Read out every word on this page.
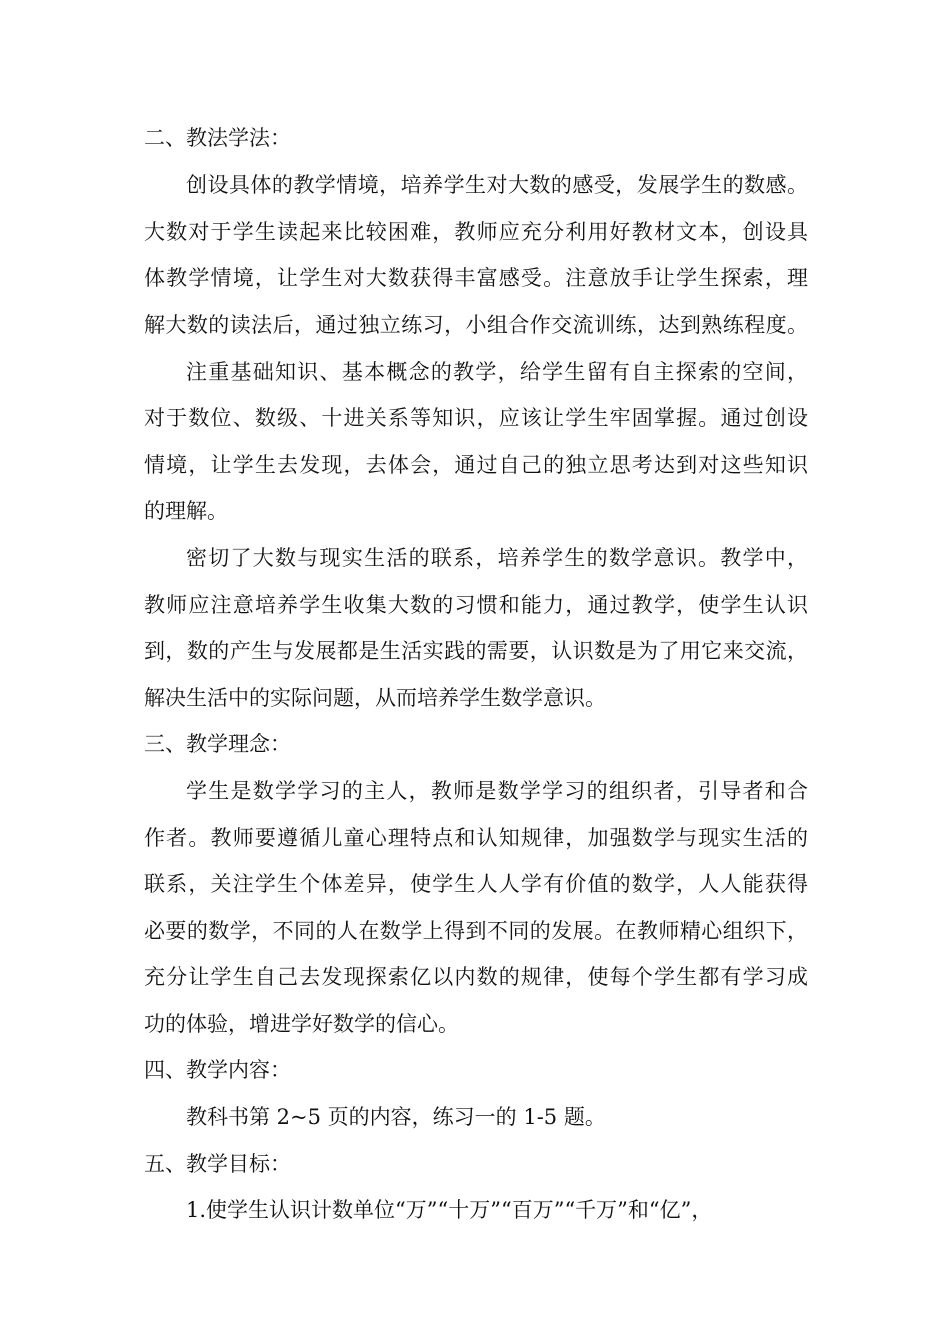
二、教法学法：
创设具体的教学情境，培养学生对大数的感受，发展学生的数感。
大数对于学生读起来比较困难，教师应充分利用好教材文本，创设具
体教学情境，让学生对大数获得丰富感受。注意放手让学生探索，理
解大数的读法后，通过独立练习，小组合作交流训练，达到熟练程度。
注重基础知识、基本概念的教学，给学生留有自主探索的空间，
对于数位、数级、十进关系等知识，应该让学生牢固掌握。通过创设
情境，让学生去发现，去体会，通过自己的独立思考达到对这些知识
的理解。
密切了大数与现实生活的联系，培养学生的数学意识。教学中，
教师应注意培养学生收集大数的习惯和能力，通过教学，使学生认识
到，数的产生与发展都是生活实践的需要，认识数是为了用它来交流，
解决生活中的实际问题，从而培养学生数学意识。
三、教学理念：
学生是数学学习的主人，教师是数学学习的组织者，引导者和合
作者。教师要遵循儿童心理特点和认知规律，加强数学与现实生活的
联系，关注学生个体差异，使学生人人学有价值的数学，人人能获得
必要的数学，不同的人在数学上得到不同的发展。在教师精心组织下，
充分让学生自己去发现探索亿以内数的规律，使每个学生都有学习成
功的体验，增进学好数学的信心。
四、教学内容：
教科书第 2~5 页的内容，练习一的 1-5 题。
五、教学目标：
1.使学生认识计数单位“万”“十万”“百万”“千万”和“亿”，
